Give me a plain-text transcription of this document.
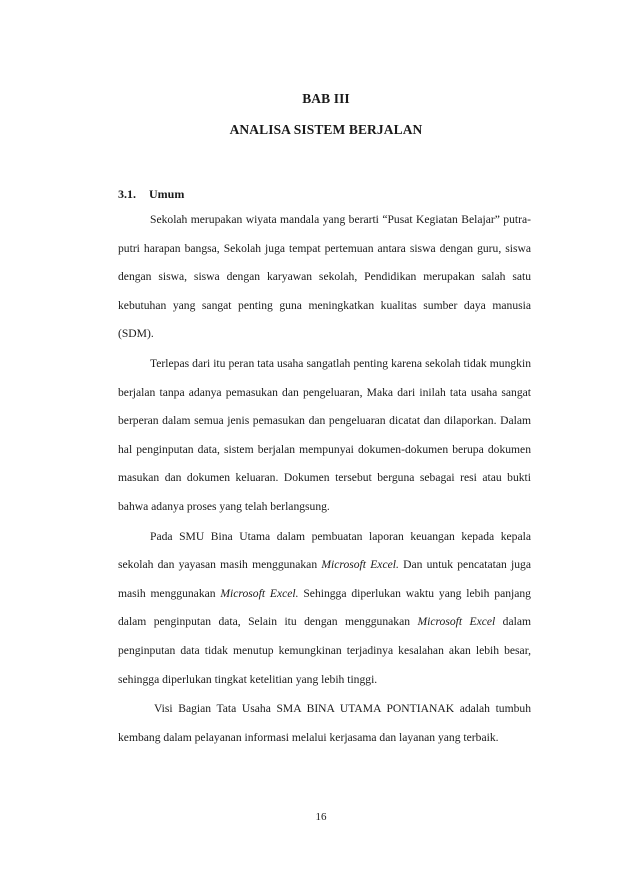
BAB III
ANALISA SISTEM BERJALAN
3.1. Umum

Sekolah merupakan wiyata mandala yang berarti “Pusat Kegiatan Belajar” putra-putri harapan bangsa, Sekolah juga tempat pertemuan antara siswa dengan guru, siswa dengan siswa, siswa dengan karyawan sekolah, Pendidikan merupakan salah satu kebutuhan yang sangat penting guna meningkatkan kualitas sumber daya manusia (SDM).

Terlepas dari itu peran tata usaha sangatlah penting karena sekolah tidak mungkin berjalan tanpa adanya pemasukan dan pengeluaran, Maka dari inilah tata usaha sangat berperan dalam semua jenis pemasukan dan pengeluaran dicatat dan dilaporkan. Dalam hal penginputan data, sistem berjalan mempunyai dokumen-dokumen berupa dokumen masukan dan dokumen keluaran. Dokumen tersebut berguna sebagai resi atau bukti bahwa adanya proses yang telah berlangsung.

Pada SMU Bina Utama dalam pembuatan laporan keuangan kepada kepala sekolah dan yayasan masih menggunakan Microsoft Excel. Dan untuk pencatatan juga masih menggunakan Microsoft Excel. Sehingga diperlukan waktu yang lebih panjang dalam penginputan data, Selain itu dengan menggunakan Microsoft Excel dalam penginputan data tidak menutup kemungkinan terjadinya kesalahan akan lebih besar, sehingga diperlukan tingkat ketelitian yang lebih tinggi.

Visi Bagian Tata Usaha SMA BINA UTAMA PONTIANAK adalah tumbuh kembang dalam pelayanan informasi melalui kerjasama dan layanan yang terbaik.

16
